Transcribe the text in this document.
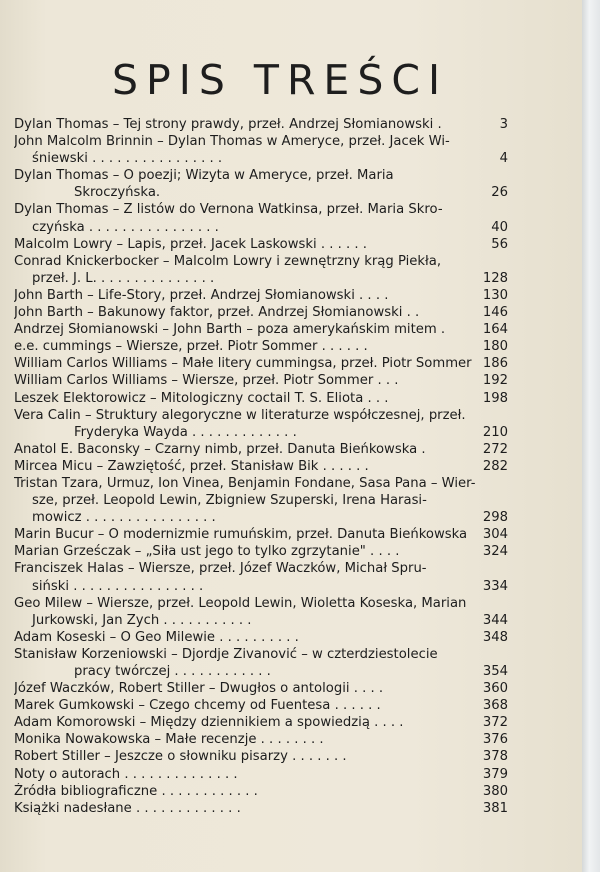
SPIS TREŚCI
Dylan Thomas – Tej strony prawdy, przeł. Andrzej Słomianowski .	3
John Malcolm Brinnin – Dylan Thomas w Ameryce, przeł. Jacek Wi-
śniewski . . . . . . . . . . . . . . . .	4
Dylan Thomas – O poezji; Wizyta w Ameryce, przeł. Maria
Skroczyńska.	26
Dylan Thomas – Z listów do Vernona Watkinsa, przeł. Maria Skro-
czyńska . . . . . . . . . . . . . . . .	40
Malcolm Lowry – Lapis, przeł. Jacek Laskowski . . . . . .	56
Conrad Knickerbocker – Malcolm Lowry i zewnętrzny krąg Piekła,
przeł. J. L. . . . . . . . . . . . . . .	128
John Barth – Life-Story, przeł. Andrzej Słomianowski . . . .	130
John Barth – Bakunowy faktor, przeł. Andrzej Słomianowski . .	146
Andrzej Słomianowski – John Barth – poza amerykańskim mitem .	164
e.e. cummings – Wiersze, przeł. Piotr Sommer . . . . . .	180
William Carlos Williams – Małe litery cummingsa, przeł. Piotr Sommer 186
William Carlos Williams – Wiersze, przeł. Piotr Sommer . . .	192
Leszek Elektorowicz – Mitologiczny coctail T. S. Eliota . . .	198
Vera Calin – Struktury alegoryczne w literaturze współczesnej, przeł.
Fryderyka Wayda . . . . . . . . . . . . .	210
Anatol E. Baconsky – Czarny nimb, przeł. Danuta Bieńkowska .	272
Mircea Micu – Zawziętość, przeł. Stanisław Bik . . . . . .	282
Tristan Tzara, Urmuz, Ion Vinea, Benjamin Fondane, Sasa Pana – Wier-
sze, przeł. Leopold Lewin, Zbigniew Szuperski, Irena Harasi-
mowicz . . . . . . . . . . . . . . . .	298
Marin Bucur – O modernizmie rumuńskim, przeł. Danuta Bieńkowska	304
Marian Grześczak – „Siła ust jego to tylko zgrzytanie" . . . .	324
Franciszek Halas – Wiersze, przeł. Józef Waczków, Michał Spru-
siński . . . . . . . . . . . . . . . .	334
Geo Milew – Wiersze, przeł. Leopold Lewin, Wioletta Koseska, Marian
Jurkowski, Jan Zych . . . . . . . . . . .	344
Adam Koseski – O Geo Milewie . . . . . . . . . .	348
Stanisław Korzeniowski – Djordje Zivanović – w czterdziestolecie
pracy twórczej . . . . . . . . . . . .	354
Józef Waczków, Robert Stiller – Dwugłos o antologii . . . .	360
Marek Gumkowski – Czego chcemy od Fuentesa . . . . . .	368
Adam Komorowski – Między dziennikiem a spowiedzią . . . .	372
Monika Nowakowska – Małe recenzje . . . . . . . .	376
Robert Stiller – Jeszcze o słowniku pisarzy . . . . . . .	378
Noty o autorach . . . . . . . . . . . . . .	379
Źródła bibliograficzne . . . . . . . . . . . .	380
Książki nadesłane . . . . . . . . . . . . .	381
